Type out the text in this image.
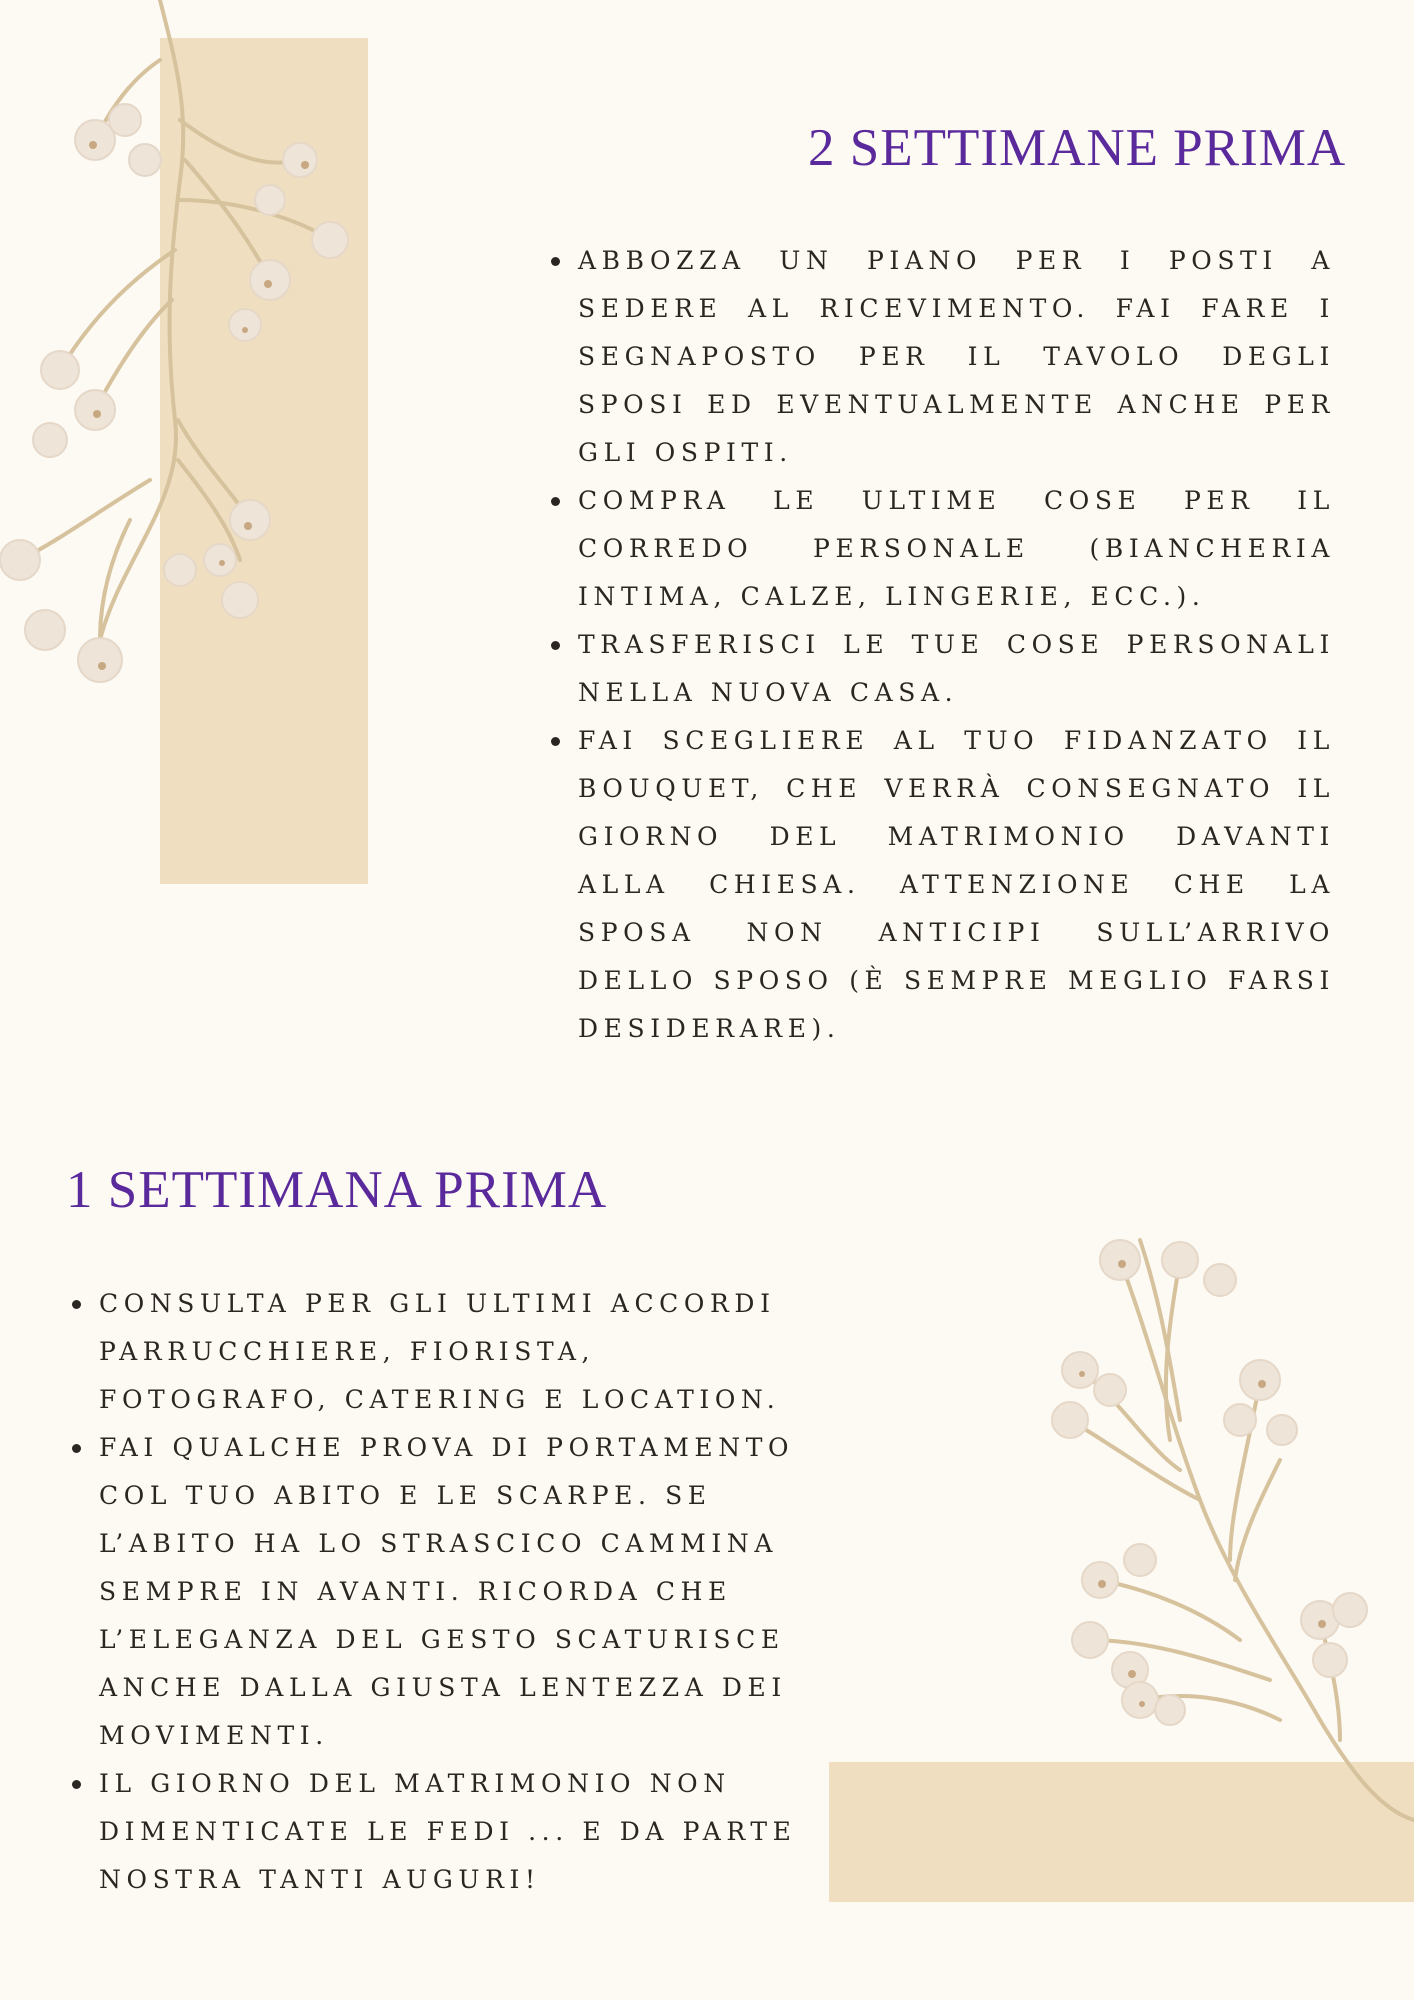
2 SETTIMANE PRIMA
ABBOZZA UN PIANO PER I POSTI A SEDERE AL RICEVIMENTO. FAI FARE I SEGNAPOSTO PER IL TAVOLO DEGLI SPOSI ED EVENTUALMENTE ANCHE PER GLI OSPITI.
COMPRA LE ULTIME COSE PER IL CORREDO PERSONALE (BIANCHERIA INTIMA, CALZE, LINGERIE, ECC.).
TRASFERISCI LE TUE COSE PERSONALI NELLA NUOVA CASA.
FAI SCEGLIERE AL TUO FIDANZATO IL BOUQUET, CHE VERRÀ CONSEGNATO IL GIORNO DEL MATRIMONIO DAVANTI ALLA CHIESA. ATTENZIONE CHE LA SPOSA NON ANTICIPI SULL’ARRIVO DELLO SPOSO (È SEMPRE MEGLIO FARSI DESIDERARE).
1 SETTIMANA PRIMA
CONSULTA PER GLI ULTIMI ACCORDI PARRUCCHIERE, FIORISTA, FOTOGRAFO, CATERING E LOCATION.
FAI QUALCHE PROVA DI PORTAMENTO COL TUO ABITO E LE SCARPE. SE L’ABITO HA LO STRASCICO CAMMINA SEMPRE IN AVANTI. RICORDA CHE L’ELEGANZA DEL GESTO SCATURISCE ANCHE DALLA GIUSTA LENTEZZA DEI MOVIMENTI.
IL GIORNO DEL MATRIMONIO NON DIMENTICATE LE FEDI ... E DA PARTE NOSTRA TANTI AUGURI!
